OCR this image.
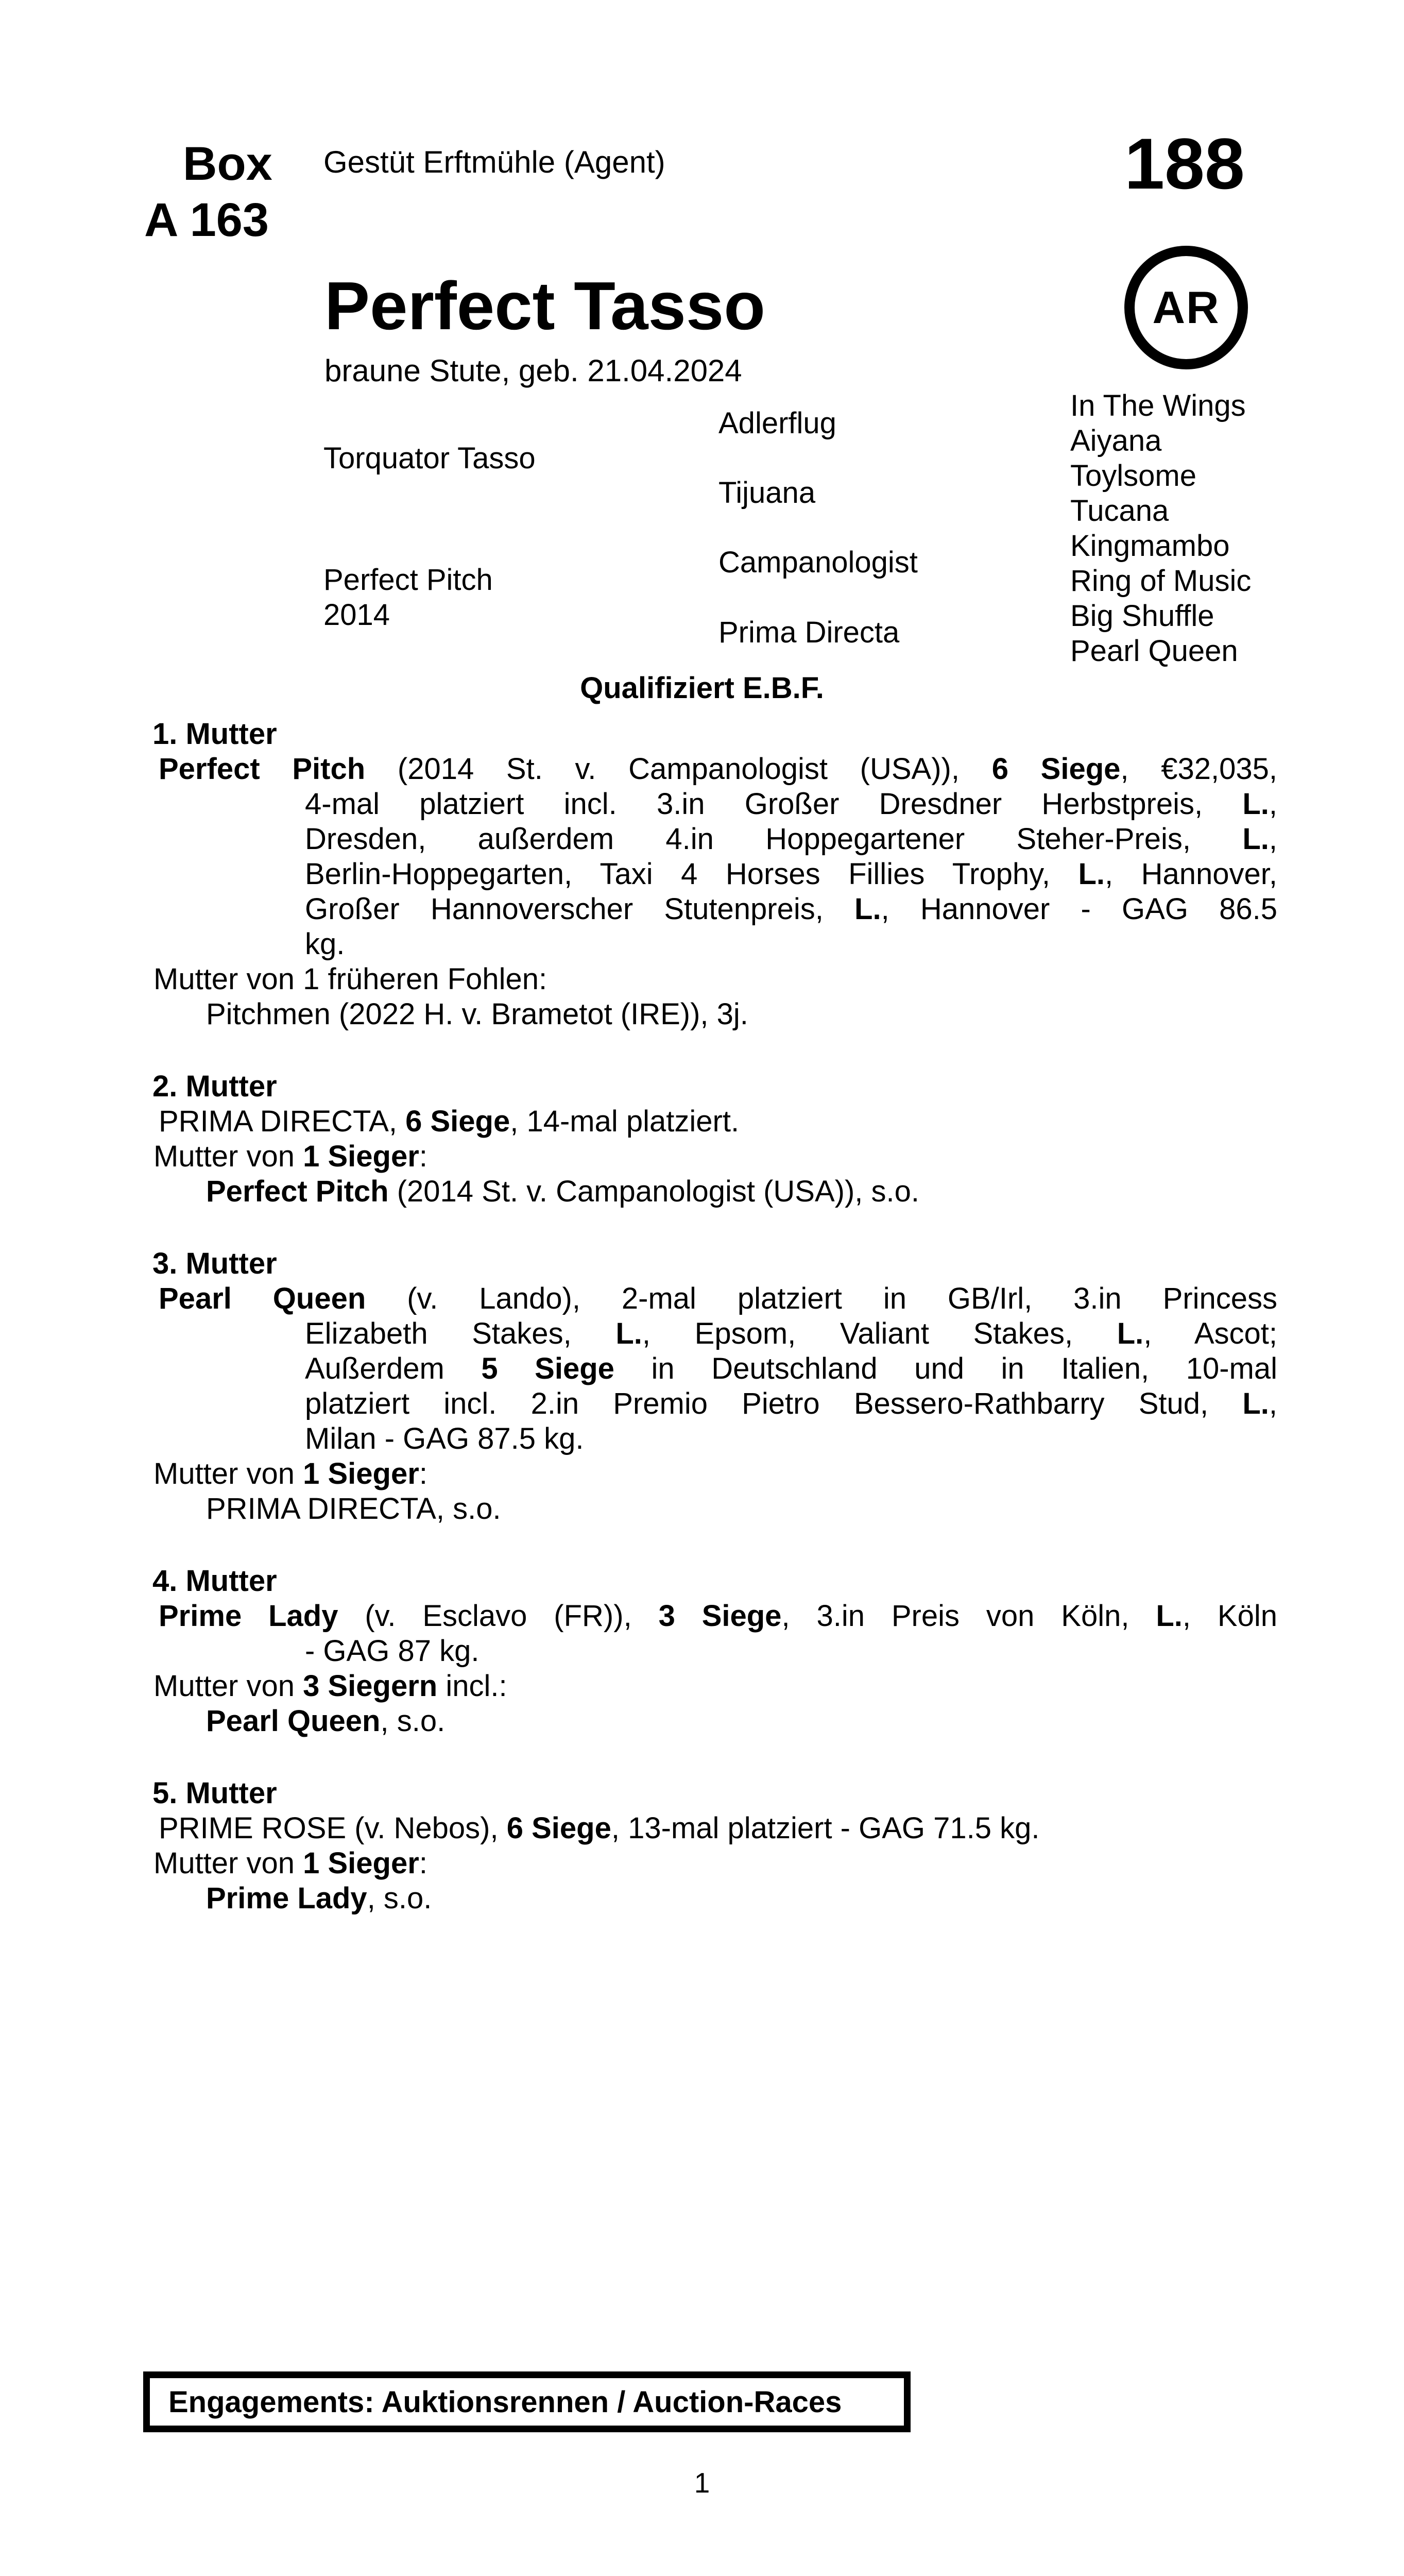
Box
A 163
Gestüt Erftmühle (Agent)	188
AR
Perfect Tasso
braune Stute, geb. 21.04.2024
Torquator Tasso
Perfect Pitch
2014
Adlerflug
Tijuana
Campanologist
Prima Directa
In The Wings
Aiyana
Toylsome
Tucana
Kingmambo
Ring of Music
Big Shuffle
Pearl Queen
Qualifiziert E.B.F.
1. Mutter
Perfect Pitch (2014 St. v. Campanologist (USA)), 6 Siege, €32,035,
4-mal platziert incl. 3.in Großer Dresdner Herbstpreis, L.,
Dresden, außerdem 4.in Hoppegartener Steher-Preis, L.,
Berlin-Hoppegarten, Taxi 4 Horses Fillies Trophy, L., Hannover,
Großer Hannoverscher Stutenpreis, L., Hannover - GAG 86.5
kg.
Mutter von 1 früheren Fohlen:
Pitchmen (2022 H. v. Brametot (IRE)), 3j.
2. Mutter
PRIMA DIRECTA, 6 Siege, 14-mal platziert.
Mutter von 1 Sieger:
Perfect Pitch (2014 St. v. Campanologist (USA)), s.o.
3. Mutter
Pearl Queen (v. Lando), 2-mal platziert in GB/Irl, 3.in Princess
Elizabeth Stakes, L., Epsom, Valiant Stakes, L., Ascot;
Außerdem 5 Siege in Deutschland und in Italien, 10-mal
platziert incl. 2.in Premio Pietro Bessero-Rathbarry Stud, L.,
Milan - GAG 87.5 kg.
Mutter von 1 Sieger:
PRIMA DIRECTA, s.o.
4. Mutter
Prime Lady (v. Esclavo (FR)), 3 Siege, 3.in Preis von Köln, L., Köln
- GAG 87 kg.
Mutter von 3 Siegern incl.:
Pearl Queen, s.o.
5. Mutter
PRIME ROSE (v. Nebos), 6 Siege, 13-mal platziert - GAG 71.5 kg.
Mutter von 1 Sieger:
Prime Lady, s.o.
Engagements: Auktionsrennen / Auction-Races
1
